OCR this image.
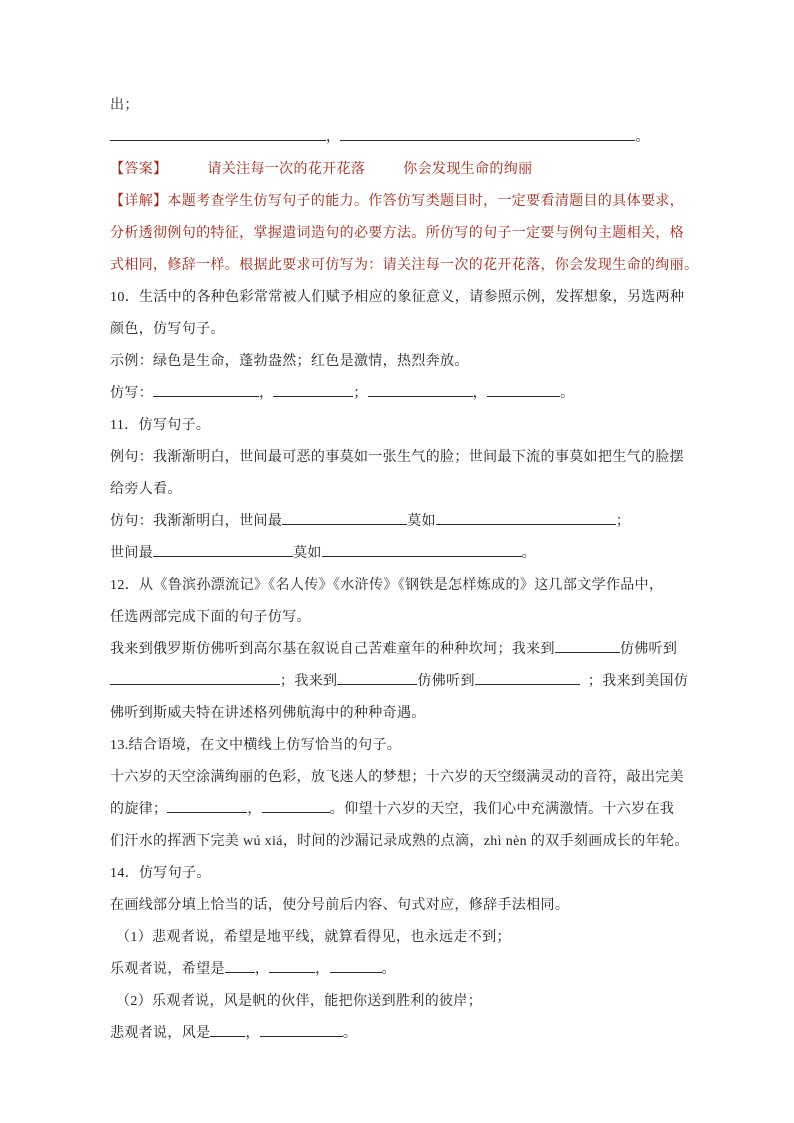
出；
，	。
【答案】	请关注每一次的花开花落	你会发现生命的绚丽
【详解】本题考查学生仿写句子的能力。作答仿写类题目时，一定要看清题目的具体要求，
分析透彻例句的特征，掌握遣词造句的必要方法。所仿写的句子一定要与例句主题相关，格
式相同，修辞一样。根据此要求可仿写为：请关注每一次的花开花落，你会发现生命的绚丽。
10．生活中的各种色彩常常被人们赋予相应的象征意义，请参照示例，发挥想象，另选两种
颜色，仿写句子。
示例：绿色是生命，蓬勃盎然；红色是激情，热烈奔放。
仿写：	，	；	，	。
11．仿写句子。
例句：我渐渐明白，世间最可恶的事莫如一张生气的脸；世间最下流的事莫如把生气的脸摆
给旁人看。
仿句：我渐渐明白，世间最	莫如	；
世间最	莫如	。
12．从《鲁滨孙漂流记》《名人传》《水浒传》《钢铁是怎样炼成的》这几部文学作品中，
任选两部完成下面的句子仿写。
我来到俄罗斯仿佛听到高尔基在叙说自己苦难童年的种种坎坷；我来到	仿佛听到
；我来到	仿佛听到	；我来到美国仿
佛听到斯威夫特在讲述格列佛航海中的种种奇遇。
13.结合语境，在文中横线上仿写恰当的句子。
十六岁的天空涂满绚丽的色彩，放飞迷人的梦想；十六岁的天空缀满灵动的音符，敲出完美
的旋律；	，	。仰望十六岁的天空，我们心中充满激情。十六岁在我
们汗水的挥洒下完美 wú xiá，时间的沙漏记录成熟的点滴，zhì nèn 的双手刻画成长的年轮。
14．仿写句子。
在画线部分填上恰当的话，使分号前后内容、句式对应，修辞手法相同。
（1）悲观者说，希望是地平线，就算看得见，也永远走不到；
乐观者说，希望是 ，	，	。
（2）乐观者说，风是帆的伙伴，能把你送到胜利的彼岸；
悲观者说，风是	，	。
